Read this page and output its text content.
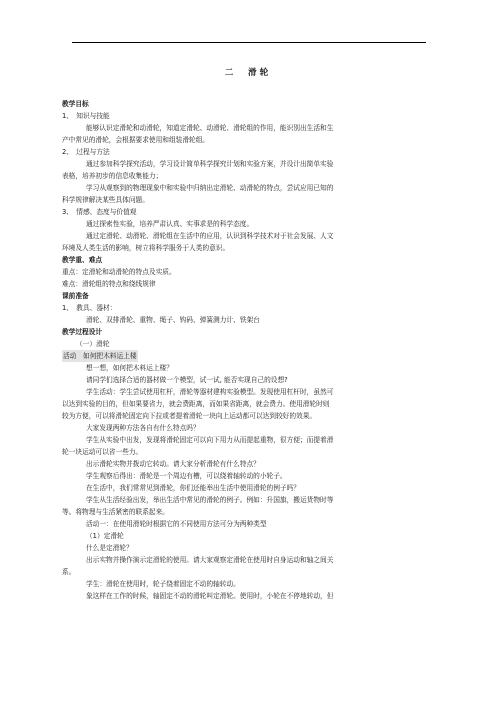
二　滑轮
教学目标
1、　知识与技能
能够认识定滑轮和动滑轮，知道定滑轮、动滑轮、滑轮组的作用，能识别出生活和生
产中常见的滑轮，会根据要求使用和组装滑轮组。
2、　过程与方法
通过参加科学探究活动，学习设计简单科学探究计划和实验方案，并设计出简单实验
表格，培养初步的信息收集能力；
学习从观察到的物理现象中和实验中归纳出定滑轮、动滑轮的特点，尝试应用已知的
科学规律解决某些具体问题。
3、　情感、态度与价值观
通过探索性实验，培养严肃认真、实事求是的科学态度。
通过定滑轮、动滑轮、滑轮组在生活中的应用，认识到科学技术对于社会发展、人文
环境及人类生活的影响，树立将科学服务于人类的意识。
教学重、难点
重点：定滑轮和动滑轮的特点及实质。
难点：滑轮组的特点和绕线规律
课前准备
1、　教具、器材：
滑轮、双排滑轮、重物、绳子、钩码、弹簧测力计、铁架台
教学过程设计
（一）滑轮
活动　如何把木料运上楼
想一想，如何把木料运上楼？
请同学们选择合适的器材做一个模型，试一试, 能否实现自己的设想?
学生活动：学生尝试使用杠杆，滑轮等器材建构实验模型。发现使用杠杆时，虽然可
以达到实验的目的，但如果要省力，就会费距离，而如果省距离，就会费力。使用滑轮时则
较为方便，可以将滑轮固定向下拉或者提着滑轮一块向上运动都可以达到较好的效果。
大家发现两种方法各自有什么特点吗？
学生从实验中出发，发现将滑轮固定可以向下用力从而提起重物，很方便；而提着滑
轮一块运动可以省一些力。
出示滑轮实物并拨动它转动。请大家分析滑轮有什么特点？
学生观察后得出：滑轮是一个周边有槽，可以绕着轴转动的小轮子。
在生活中，我们常常见到滑轮，你们还能举出生活中使用滑轮的例子吗？
学生从生活经验出发，举出生活中常见的滑轮的例子。例如：升国旗，搬运货物时等
等。将物理与生活紧密的联系起来。
活动一：在使用滑轮时根据它的不同使用方法可分为两种类型
（1）定滑轮
什么是定滑轮？
出示实物并操作演示定滑轮的使用。请大家观察定滑轮在使用时自身运动和轴之间关
系。
学生：滑轮在使用时，轮子绕着固定不动的轴转动。
象这样在工作的时候，轴固定不动的滑轮叫定滑轮。使用时，小轮在不停地转动，但
